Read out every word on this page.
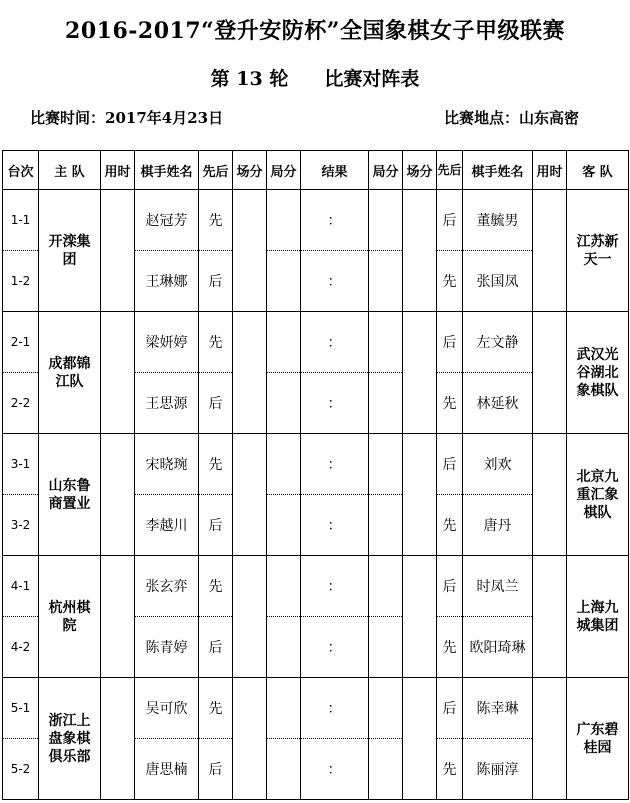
2016-2017“登升安防杯”全国象棋女子甲级联赛
第 13 轮 比赛对阵表
比赛时间：2017年4月23日	比赛地点：山东高密
台次	主 队	用时	棋手姓名	先后	场分	局分	结果	局分	场分	先后	棋手姓名	用时	客 队
1-1	开滦集团		赵冠芳	先			：			后	董毓男		江苏新天一
1-2			王琳娜	后			：			先	张国凤		
2-1	成都锦江队		梁妍婷	先			：			后	左文静		武汉光谷湖北象棋队
2-2			王思源	后			：			先	林延秋		
3-1	山东鲁商置业		宋晓琬	先			：			后	刘欢		北京九重汇象棋队
3-2			李越川	后			：			先	唐丹		
4-1	杭州棋院		张玄弈	先			：			后	时凤兰		上海九城集团
4-2			陈青婷	后			：			先	欧阳琦琳		
5-1	浙江上盘象棋俱乐部		吴可欣	先			：			后	陈幸琳		广东碧桂园
5-2			唐思楠	后			：			先	陈丽淳		
